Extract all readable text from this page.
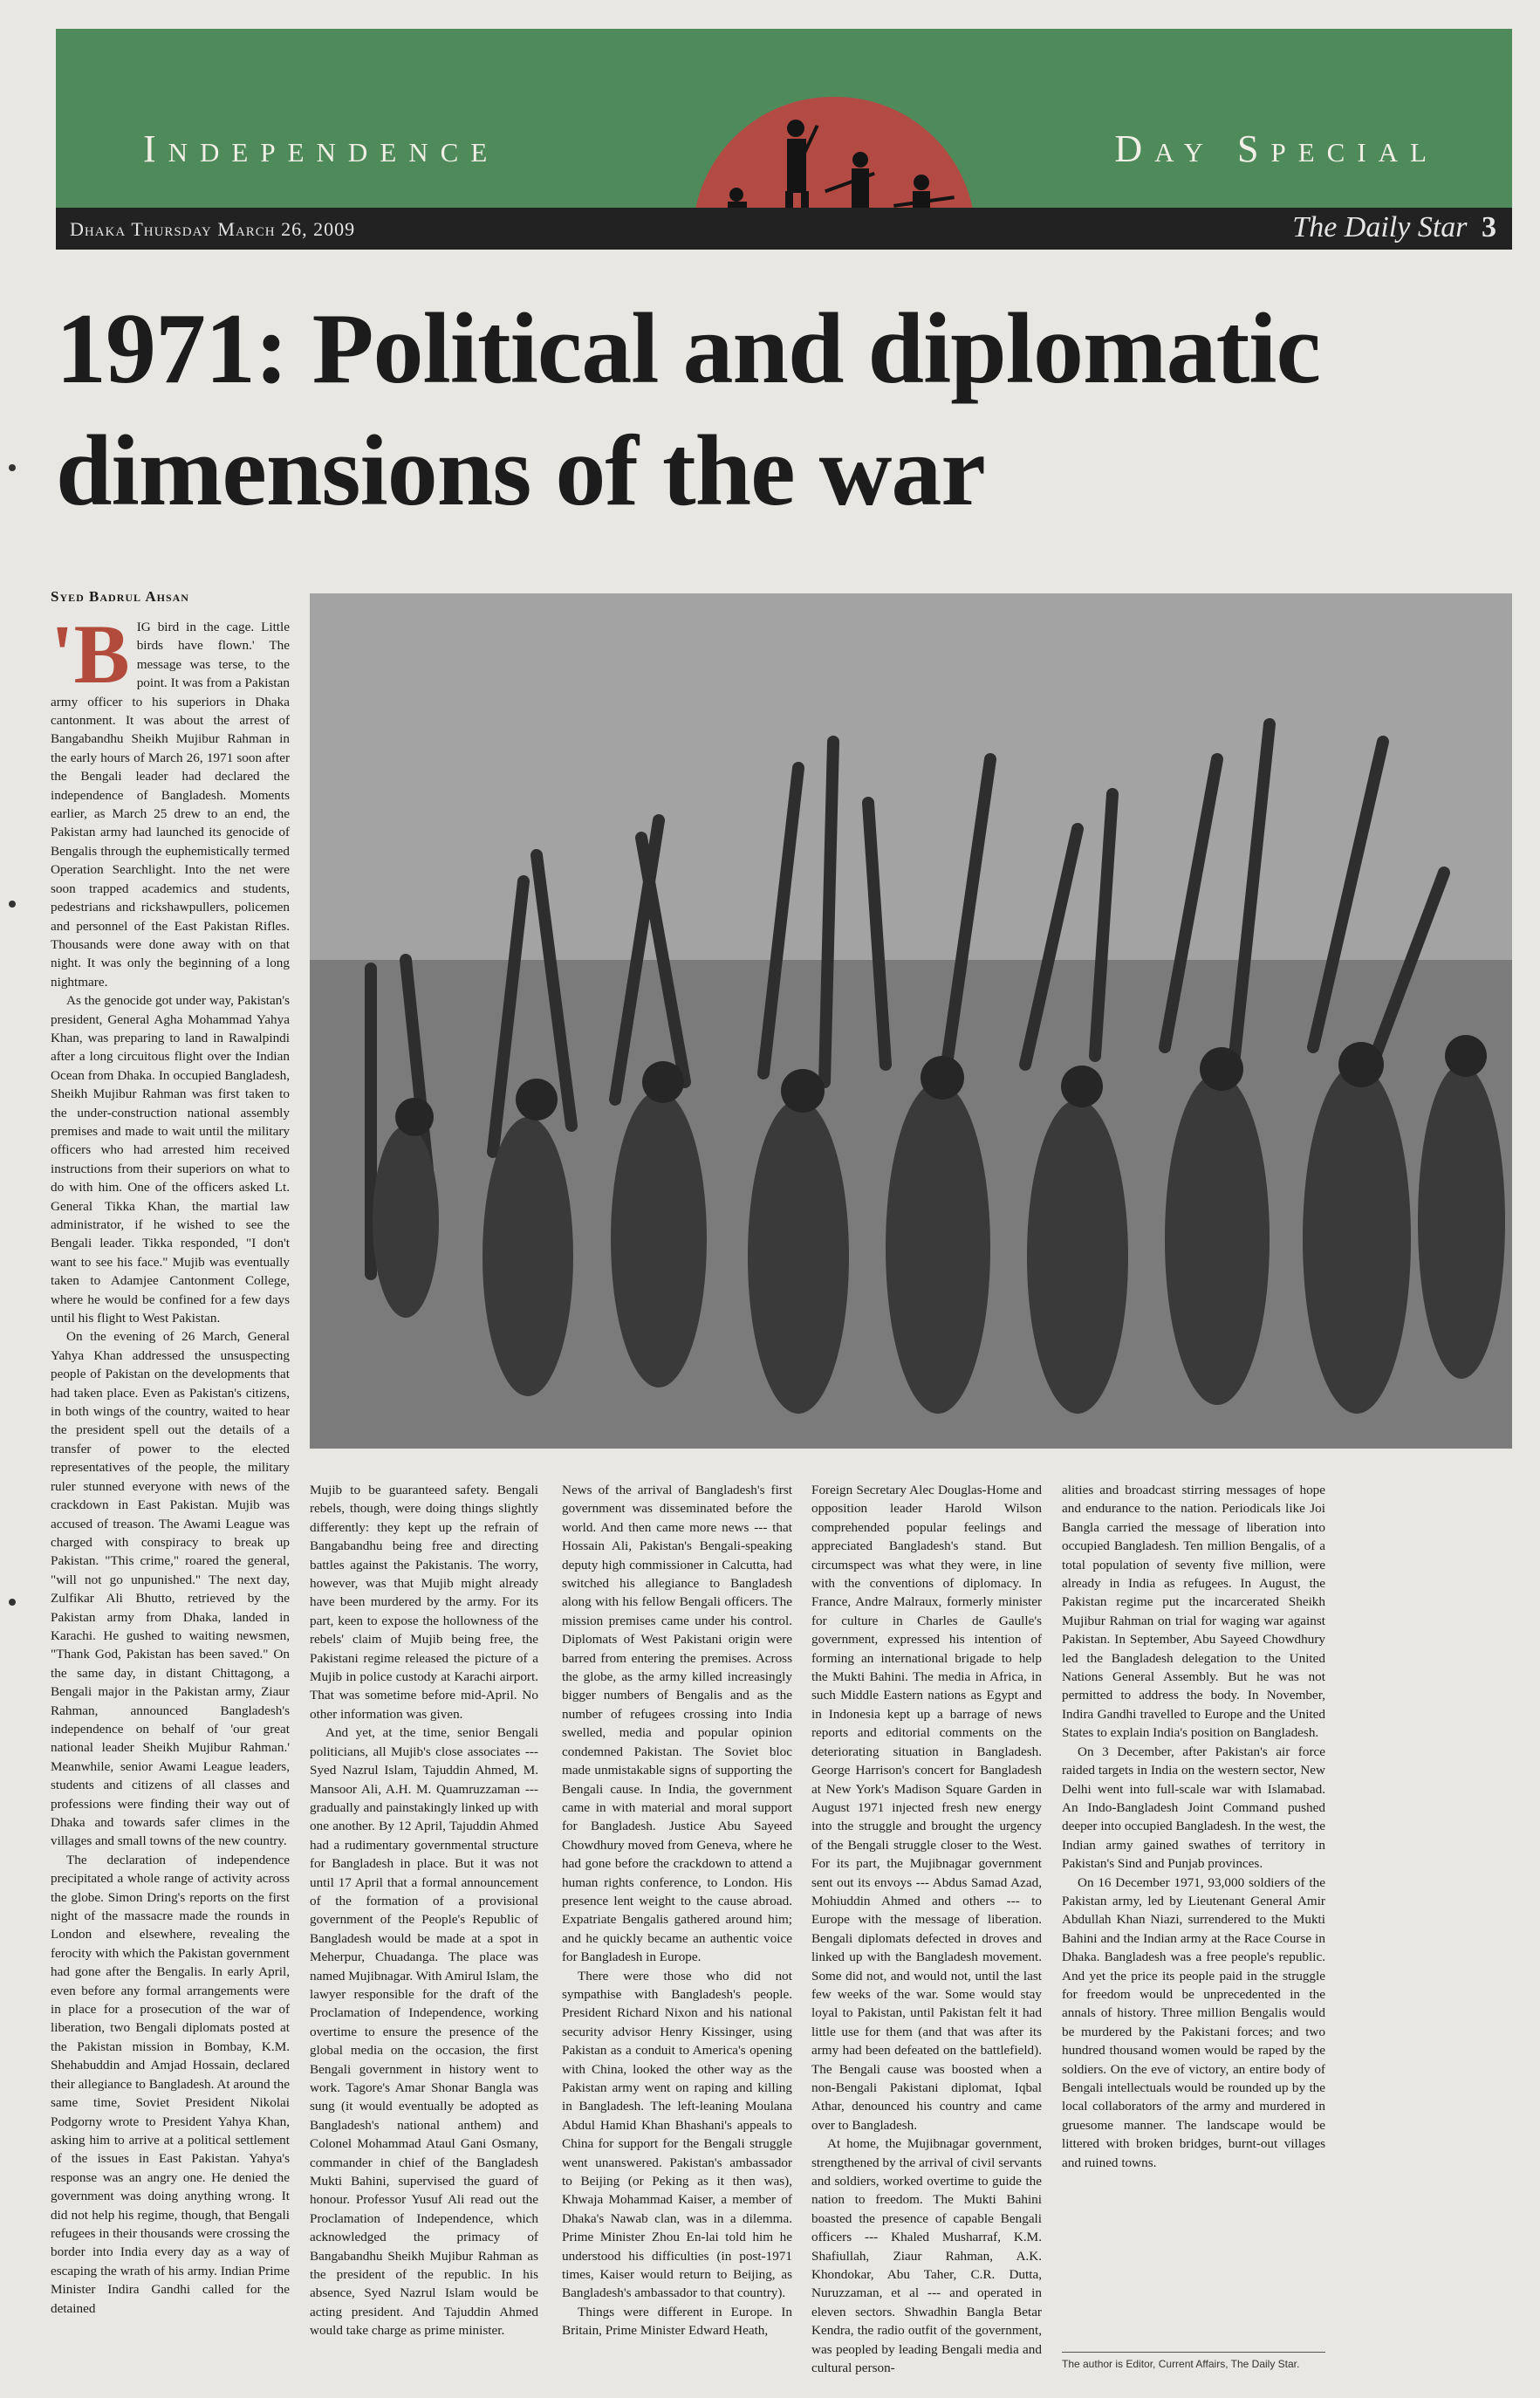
Independence	Day Special
Dhaka Thursday March 26, 2009	The Daily Star 3
1971: Political and diplomatic dimensions of the war
Syed Badrul Ahsan

'BIG bird in the cage. Little birds have flown.' The message was terse, to the point. It was from a Pakistan army officer to his superiors in Dhaka cantonment. It was about the arrest of Bangabandhu Sheikh Mujibur Rahman in the early hours of March 26, 1971 soon after the Bengali leader had declared the independence of Bangladesh. Moments earlier, as March 25 drew to an end, the Pakistan army had launched its genocide of Bengalis through the euphemistically termed Operation Searchlight. Into the net were soon trapped academics and students, pedestrians and rickshawpullers, policemen and personnel of the East Pakistan Rifles. Thousands were done away with on that night. It was only the beginning of a long nightmare.

As the genocide got under way, Pakistan's president, General Agha Mohammad Yahya Khan, was preparing to land in Rawalpindi after a long circuitous flight over the Indian Ocean from Dhaka. In occupied Bangladesh, Sheikh Mujibur Rahman was first taken to the under-construction national assembly premises and made to wait until the military officers who had arrested him received instructions from their superiors on what to do with him. One of the officers asked Lt. General Tikka Khan, the martial law administrator, if he wished to see the Bengali leader. Tikka responded, "I don't want to see his face." Mujib was eventually taken to Adamjee Cantonment College, where he would be confined for a few days until his flight to West Pakistan.

On the evening of 26 March, General Yahya Khan addressed the unsuspecting people of Pakistan on the developments that had taken place. Even as Pakistan's citizens, in both wings of the country, waited to hear the president spell out the details of a transfer of power to the elected representatives of the people, the military ruler stunned everyone with news of the crackdown in East Pakistan. Mujib was accused of treason. The Awami League was charged with conspiracy to break up Pakistan. "This crime," roared the general, "will not go unpunished." The next day, Zulfikar Ali Bhutto, retrieved by the Pakistan army from Dhaka, landed in Karachi. He gushed to waiting newsmen, "Thank God, Pakistan has been saved." On the same day, in distant Chittagong, a Bengali major in the Pakistan army, Ziaur Rahman, announced Bangladesh's independence on behalf of 'our great national leader Sheikh Mujibur Rahman.' Meanwhile, senior Awami League leaders, students and citizens of all classes and professions were finding their way out of Dhaka and towards safer climes in the villages and small towns of the new country.

The declaration of independence precipitated a whole range of activity across the globe. Simon Dring's reports on the first night of the massacre made the rounds in London and elsewhere, revealing the ferocity with which the Pakistan government had gone after the Bengalis. In early April, even before any formal arrangements were in place for a prosecution of the war of liberation, two Bengali diplomats posted at the Pakistan mission in Bombay, K.M. Shehabuddin and Amjad Hossain, declared their allegiance to Bangladesh. At around the same time, Soviet President Nikolai Podgorny wrote to President Yahya Khan, asking him to arrive at a political settlement of the issues in East Pakistan. Yahya's response was an angry one. He denied the government was doing anything wrong. It did not help his regime, though, that Bengali refugees in their thousands were crossing the border into India every day as a way of escaping the wrath of his army. Indian Prime Minister Indira Gandhi called for the detained

Mujib to be guaranteed safety. Bengali rebels, though, were doing things slightly differently: they kept up the refrain of Bangabandhu being free and directing battles against the Pakistanis. The worry, however, was that Mujib might already have been murdered by the army. For its part, keen to expose the hollowness of the rebels' claim of Mujib being free, the Pakistani regime released the picture of a Mujib in police custody at Karachi airport. That was sometime before mid-April. No other information was given.

And yet, at the time, senior Bengali politicians, all Mujib's close associates --- Syed Nazrul Islam, Tajuddin Ahmed, M. Mansoor Ali, A.H. M. Quamruzzaman --- gradually and painstakingly linked up with one another. By 12 April, Tajuddin Ahmed had a rudimentary governmental structure for Bangladesh in place. But it was not until 17 April that a formal announcement of the formation of a provisional government of the People's Republic of Bangladesh would be made at a spot in Meherpur, Chuadanga. The place was named Mujibnagar. With Amirul Islam, the lawyer responsible for the draft of the Proclamation of Independence, working overtime to ensure the presence of the global media on the occasion, the first Bengali government in history went to work. Tagore's Amar Shonar Bangla was sung (it would eventually be adopted as Bangladesh's national anthem) and Colonel Mohammad Ataul Gani Osmany, commander in chief of the Bangladesh Mukti Bahini, supervised the guard of honour. Professor Yusuf Ali read out the Proclamation of Independence, which acknowledged the primacy of Bangabandhu Sheikh Mujibur Rahman as the president of the republic. In his absence, Syed Nazrul Islam would be acting president. And Tajuddin Ahmed would take charge as prime minister.

News of the arrival of Bangladesh's first government was disseminated before the world. And then came more news --- that Hossain Ali, Pakistan's Bengali-speaking deputy high commissioner in Calcutta, had switched his allegiance to Bangladesh along with his fellow Bengali officers. The mission premises came under his control. Diplomats of West Pakistani origin were barred from entering the premises. Across the globe, as the army killed increasingly bigger numbers of Bengalis and as the number of refugees crossing into India swelled, media and popular opinion condemned Pakistan. The Soviet bloc made unmistakable signs of supporting the Bengali cause. In India, the government came in with material and moral support for Bangladesh. Justice Abu Sayeed Chowdhury moved from Geneva, where he had gone before the crackdown to attend a human rights conference, to London. His presence lent weight to the cause abroad. Expatriate Bengalis gathered around him; and he quickly became an authentic voice for Bangladesh in Europe.

There were those who did not sympathise with Bangladesh's people. President Richard Nixon and his national security advisor Henry Kissinger, using Pakistan as a conduit to America's opening with China, looked the other way as the Pakistan army went on raping and killing in Bangladesh. The left-leaning Moulana Abdul Hamid Khan Bhashani's appeals to China for support for the Bengali struggle went unanswered. Pakistan's ambassador to Beijing (or Peking as it then was), Khwaja Mohammad Kaiser, a member of Dhaka's Nawab clan, was in a dilemma. Prime Minister Zhou En-lai told him he understood his difficulties (in post-1971 times, Kaiser would return to Beijing, as Bangladesh's ambassador to that country).

Things were different in Europe. In Britain, Prime Minister Edward Heath,

Foreign Secretary Alec Douglas-Home and opposition leader Harold Wilson comprehended popular feelings and appreciated Bangladesh's stand. But circumspect was what they were, in line with the conventions of diplomacy. In France, Andre Malraux, formerly minister for culture in Charles de Gaulle's government, expressed his intention of forming an international brigade to help the Mukti Bahini. The media in Africa, in such Middle Eastern nations as Egypt and in Indonesia kept up a barrage of news reports and editorial comments on the deteriorating situation in Bangladesh. George Harrison's concert for Bangladesh at New York's Madison Square Garden in August 1971 injected fresh new energy into the struggle and brought the urgency of the Bengali struggle closer to the West. For its part, the Mujibnagar government sent out its envoys --- Abdus Samad Azad, Mohiuddin Ahmed and others --- to Europe with the message of liberation. Bengali diplomats defected in droves and linked up with the Bangladesh movement. Some did not, and would not, until the last few weeks of the war. Some would stay loyal to Pakistan, until Pakistan felt it had little use for them (and that was after its army had been defeated on the battlefield). The Bengali cause was boosted when a non-Bengali Pakistani diplomat, Iqbal Athar, denounced his country and came over to Bangladesh.

At home, the Mujibnagar government, strengthened by the arrival of civil servants and soldiers, worked overtime to guide the nation to freedom. The Mukti Bahini boasted the presence of capable Bengali officers --- Khaled Musharraf, K.M. Shafiullah, Ziaur Rahman, A.K. Khondokar, Abu Taher, C.R. Dutta, Nuruzzaman, et al --- and operated in eleven sectors. Shwadhin Bangla Betar Kendra, the radio outfit of the government, was peopled by leading Bengali media and cultural person-

alities and broadcast stirring messages of hope and endurance to the nation. Periodicals like Joi Bangla carried the message of liberation into occupied Bangladesh. Ten million Bengalis, of a total population of seventy five million, were already in India as refugees. In August, the Pakistan regime put the incarcerated Sheikh Mujibur Rahman on trial for waging war against Pakistan. In September, Abu Sayeed Chowdhury led the Bangladesh delegation to the United Nations General Assembly. But he was not permitted to address the body. In November, Indira Gandhi travelled to Europe and the United States to explain India's position on Bangladesh.

On 3 December, after Pakistan's air force raided targets in India on the western sector, New Delhi went into full-scale war with Islamabad. An Indo-Bangladesh Joint Command pushed deeper into occupied Bangladesh. In the west, the Indian army gained swathes of territory in Pakistan's Sind and Punjab provinces.

On 16 December 1971, 93,000 soldiers of the Pakistan army, led by Lieutenant General Amir Abdullah Khan Niazi, surrendered to the Mukti Bahini and the Indian army at the Race Course in Dhaka. Bangladesh was a free people's republic. And yet the price its people paid in the struggle for freedom would be unprecedented in the annals of history. Three million Bengalis would be murdered by the Pakistani forces; and two hundred thousand women would be raped by the soldiers. On the eve of victory, an entire body of Bengali intellectuals would be rounded up by the local collaborators of the army and murdered in gruesome manner. The landscape would be littered with broken bridges, burnt-out villages and ruined towns.

The author is Editor, Current Affairs, The Daily Star.
